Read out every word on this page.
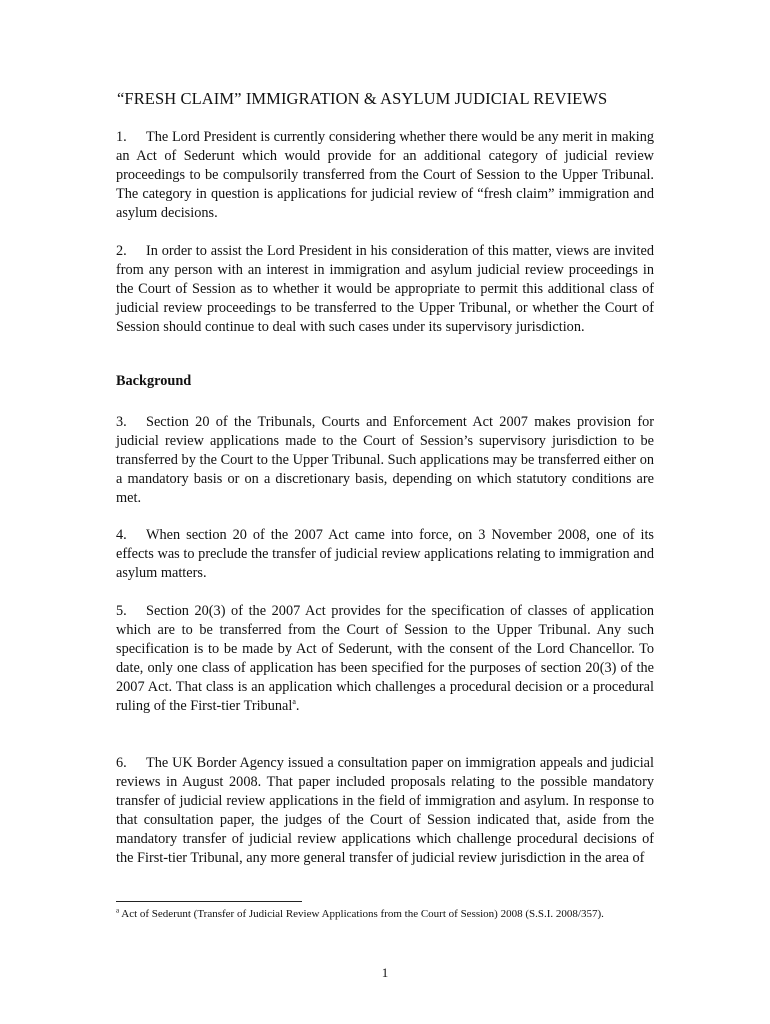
“FRESH CLAIM” IMMIGRATION & ASYLUM JUDICIAL REVIEWS
1. The Lord President is currently considering whether there would be any merit in making an Act of Sederunt which would provide for an additional category of judicial review proceedings to be compulsorily transferred from the Court of Session to the Upper Tribunal. The category in question is applications for judicial review of “fresh claim” immigration and asylum decisions.
2. In order to assist the Lord President in his consideration of this matter, views are invited from any person with an interest in immigration and asylum judicial review proceedings in the Court of Session as to whether it would be appropriate to permit this additional class of judicial review proceedings to be transferred to the Upper Tribunal, or whether the Court of Session should continue to deal with such cases under its supervisory jurisdiction.
Background
3. Section 20 of the Tribunals, Courts and Enforcement Act 2007 makes provision for judicial review applications made to the Court of Session’s supervisory jurisdiction to be transferred by the Court to the Upper Tribunal. Such applications may be transferred either on a mandatory basis or on a discretionary basis, depending on which statutory conditions are met.
4. When section 20 of the 2007 Act came into force, on 3 November 2008, one of its effects was to preclude the transfer of judicial review applications relating to immigration and asylum matters.
5. Section 20(3) of the 2007 Act provides for the specification of classes of application which are to be transferred from the Court of Session to the Upper Tribunal. Any such specification is to be made by Act of Sederunt, with the consent of the Lord Chancellor. To date, only one class of application has been specified for the purposes of section 20(3) of the 2007 Act. That class is an application which challenges a procedural decision or a procedural ruling of the First-tier Tribunal$^a$.
6. The UK Border Agency issued a consultation paper on immigration appeals and judicial reviews in August 2008. That paper included proposals relating to the possible mandatory transfer of judicial review applications in the field of immigration and asylum. In response to that consultation paper, the judges of the Court of Session indicated that, aside from the mandatory transfer of judicial review applications which challenge procedural decisions of the First-tier Tribunal, any more general transfer of judicial review jurisdiction in the area of
$^a$ Act of Sederunt (Transfer of Judicial Review Applications from the Court of Session) 2008 (S.S.I. 2008/357).
1
